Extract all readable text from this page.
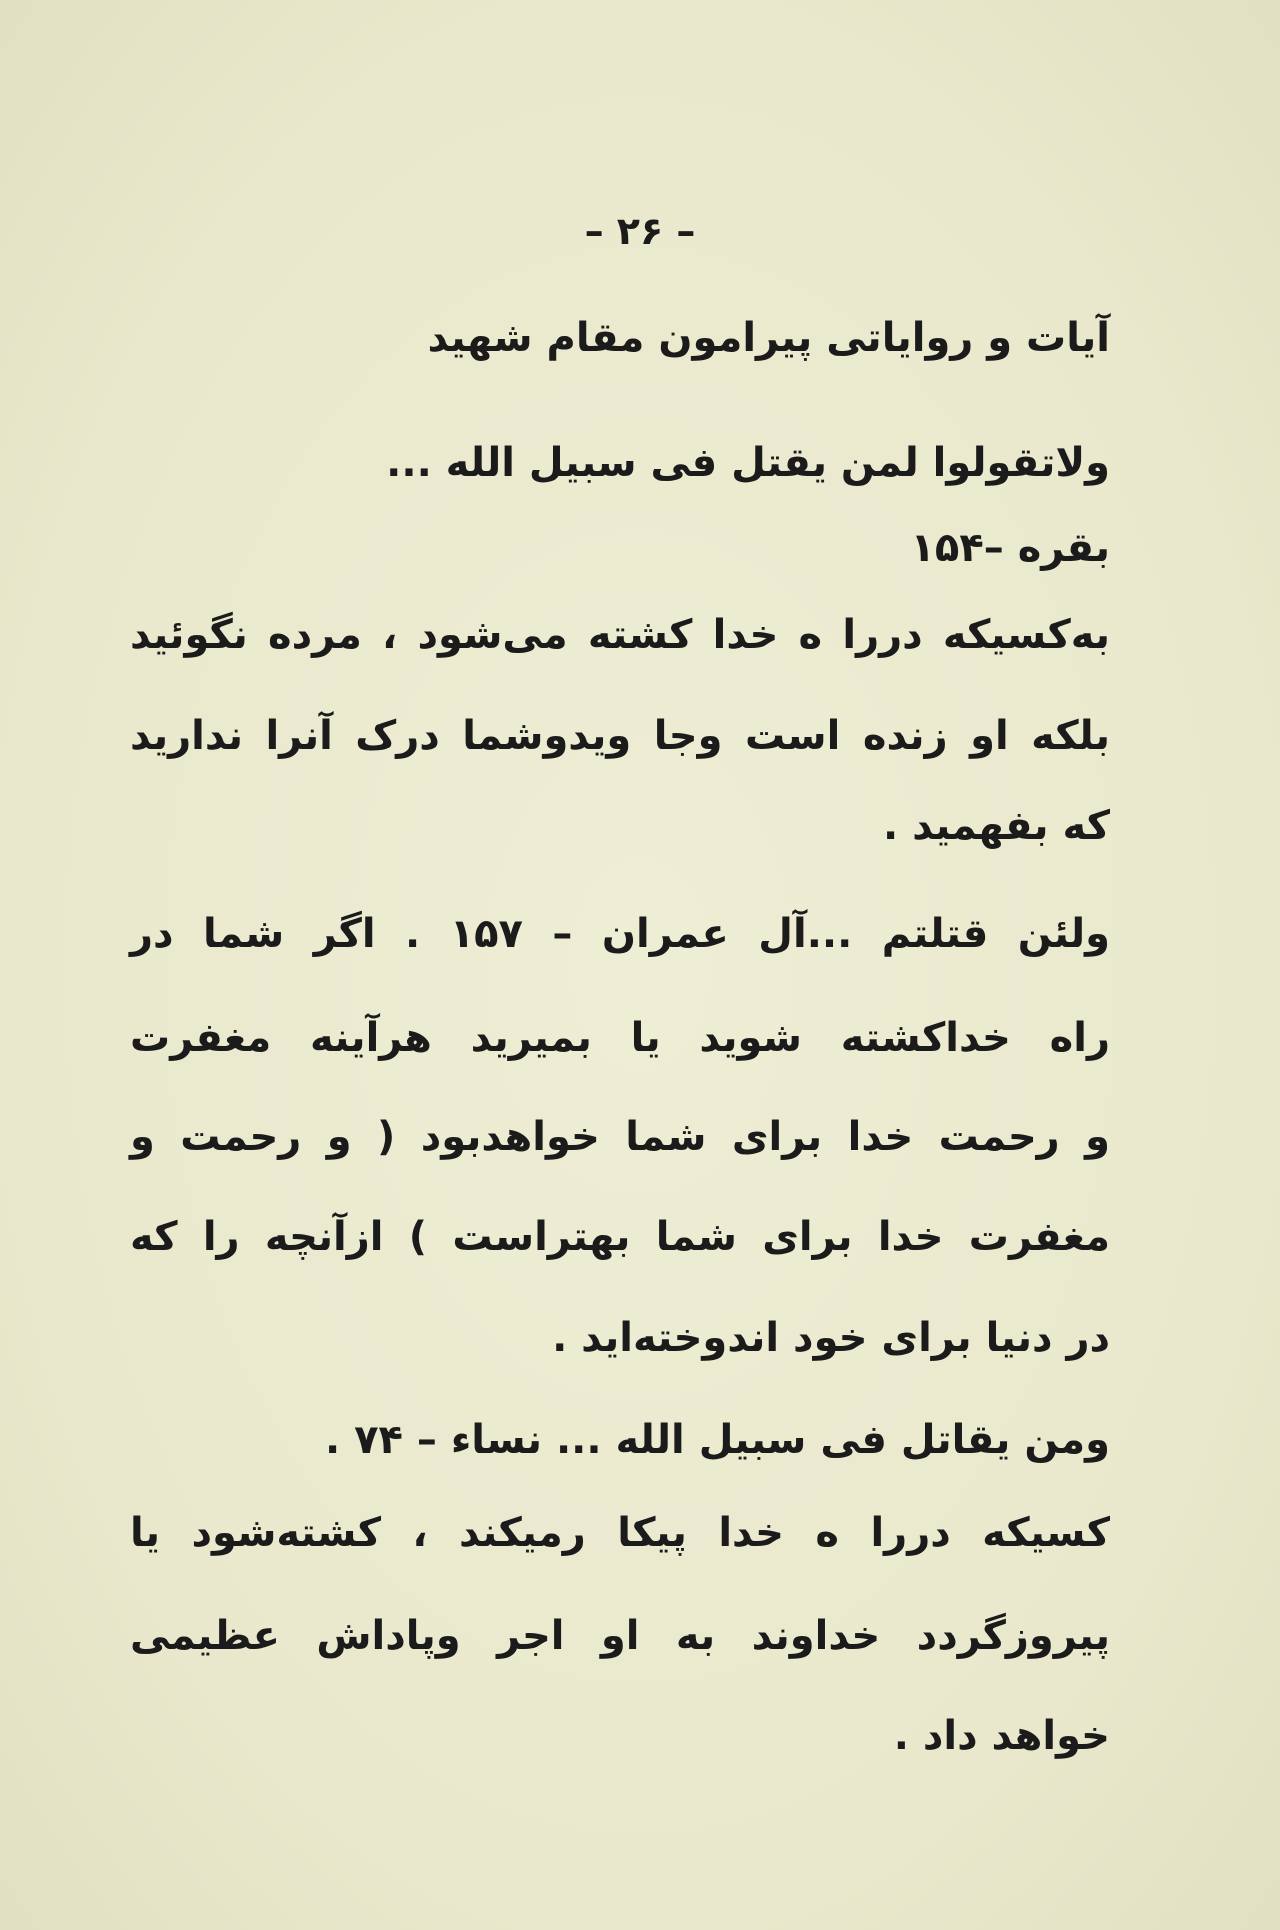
– ۲۶ –
آیات و روایاتی پیرامون مقام شهید
ولاتقولوا لمن یقتل فی سبیل الله ...
بقره –۱۵۴
به‌کسیکه دررا ه خدا کشته می‌شود ، مرده نگوئید
بلکه او زنده است وجا ویدوشما درک آنرا ندارید
که بفهمید .
ولئن قتلتم ...آل عمران – ۱۵۷ . اگر شما در
راه خداکشته شوید یا بمیرید هرآینه مغفرت
و رحمت خدا برای شما خواهدبود ( و رحمت و
مغفرت خدا برای شما بهتراست ) ازآنچه را که
در دنیا برای خود اندوخته‌اید .
ومن یقاتل فی سبیل الله ... نساء – ۷۴ .
کسیکه دررا ه خدا پیکا رمیکند ، کشته‌شود یا
پیروزگردد خداوند به او اجر وپاداش عظیمی
خواهد داد .
